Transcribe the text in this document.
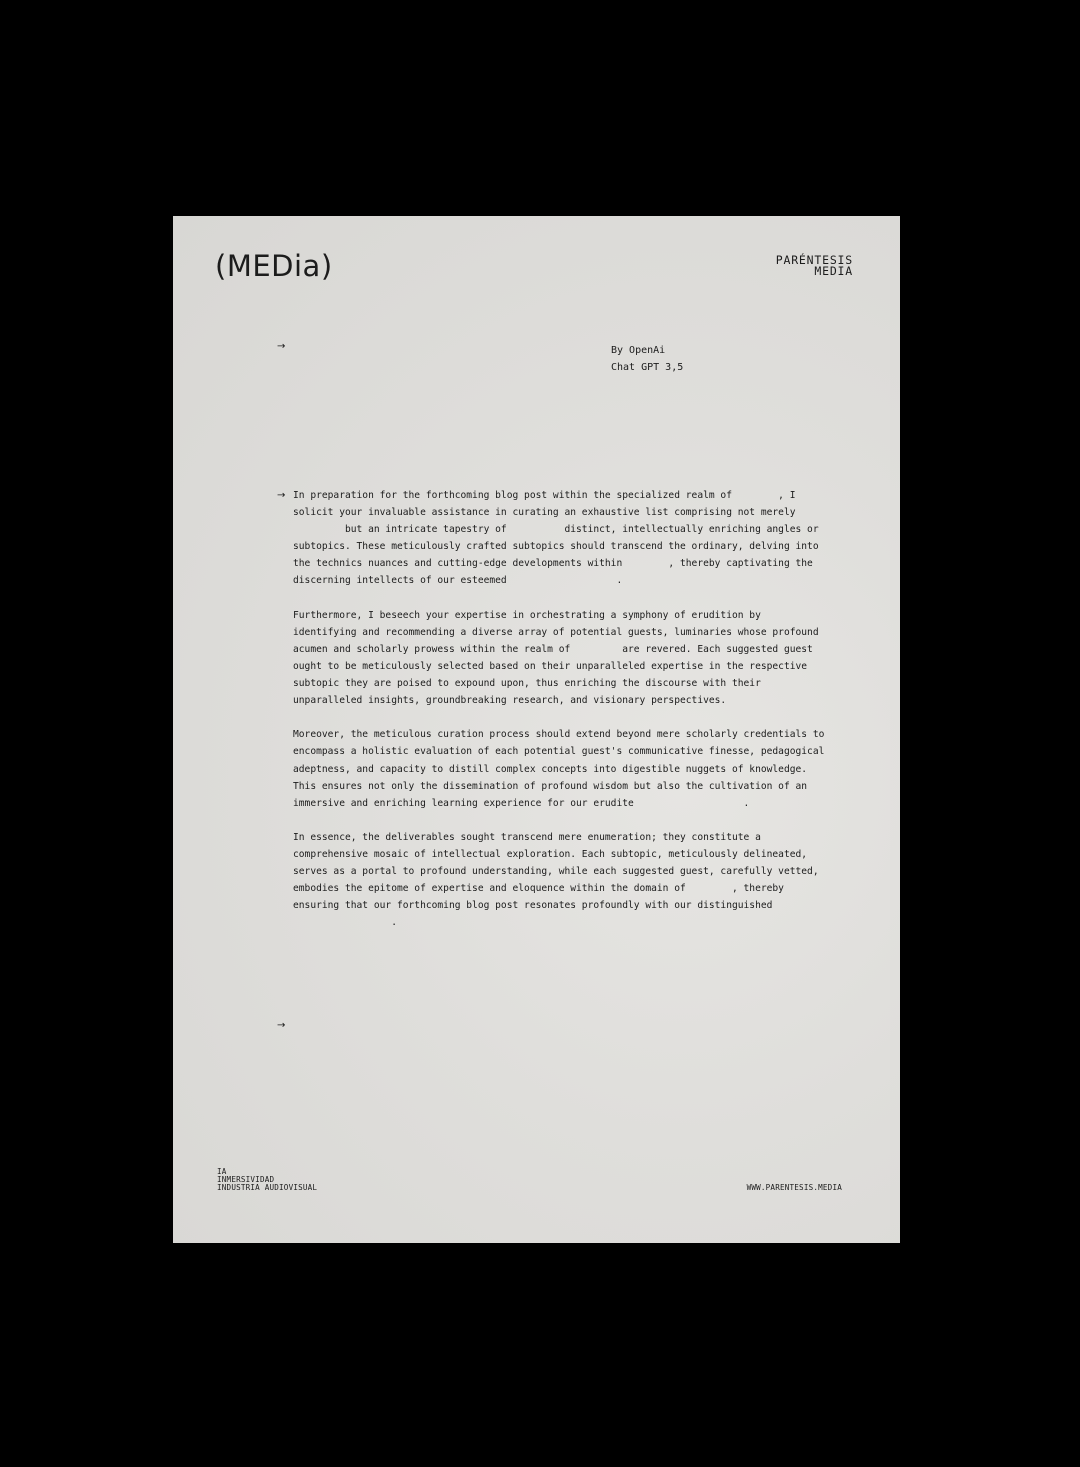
(MEDia)	PARÉNTESIS
MEDIA
→	By OpenAi
Chat GPT 3,5
→ In preparation for the forthcoming blog post within the specialized realm of        , I
solicit your invaluable assistance in curating an exhaustive list comprising not merely
but an intricate tapestry of          distinct, intellectually enriching angles or
subtopics. These meticulously crafted subtopics should transcend the ordinary, delving into
the technics nuances and cutting-edge developments within        , thereby captivating the
discerning intellects of our esteemed                   .

Furthermore, I beseech your expertise in orchestrating a symphony of erudition by
identifying and recommending a diverse array of potential guests, luminaries whose profound
acumen and scholarly prowess within the realm of         are revered. Each suggested guest
ought to be meticulously selected based on their unparalleled expertise in the respective
subtopic they are poised to expound upon, thus enriching the discourse with their
unparalleled insights, groundbreaking research, and visionary perspectives.

Moreover, the meticulous curation process should extend beyond mere scholarly credentials to
encompass a holistic evaluation of each potential guest's communicative finesse, pedagogical
adeptness, and capacity to distill complex concepts into digestible nuggets of knowledge.
This ensures not only the dissemination of profound wisdom but also the cultivation of an
immersive and enriching learning experience for our erudite                   .

In essence, the deliverables sought transcend mere enumeration; they constitute a
comprehensive mosaic of intellectual exploration. Each subtopic, meticulously delineated,
serves as a portal to profound understanding, while each suggested guest, carefully vetted,
embodies the epitome of expertise and eloquence within the domain of        , thereby
ensuring that our forthcoming blog post resonates profoundly with our distinguished
.

→
IA
INMERSIVIDAD
INDUSTRIA AUDIOVISUAL	WWW.PARENTESIS.MEDIA
